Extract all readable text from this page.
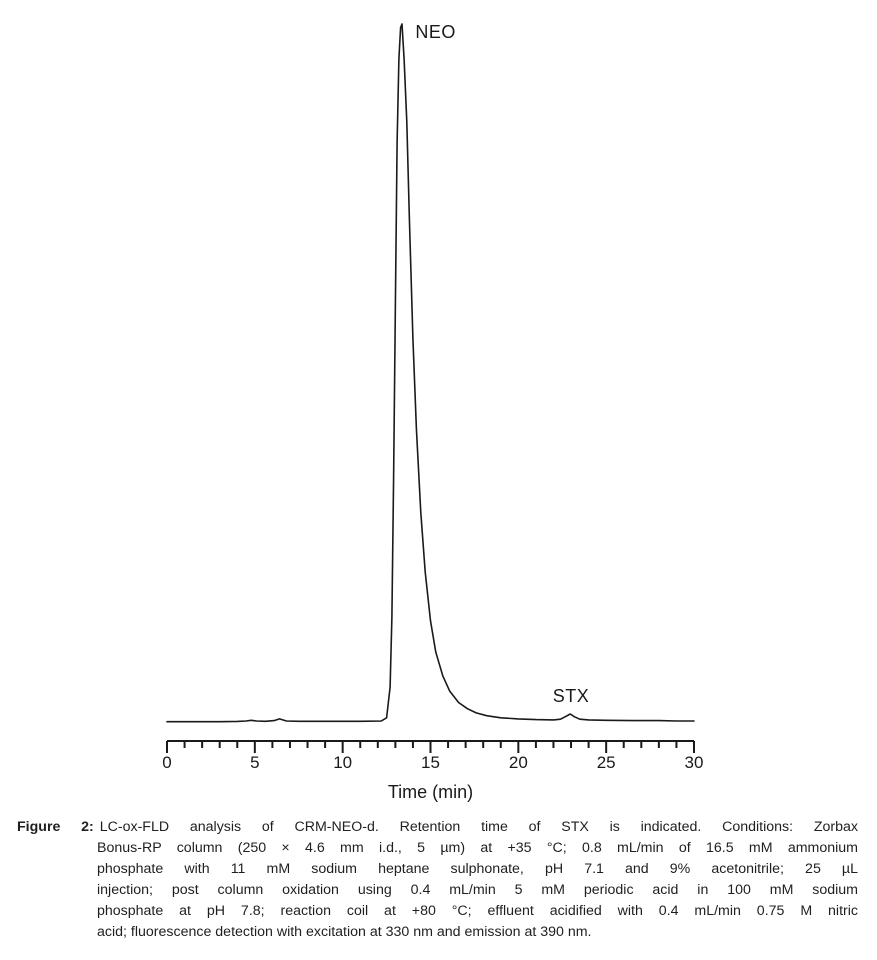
0	5	10	15	20	25	30
Time (min)
NEO
STX
Figure 2: LC-ox-FLD analysis of CRM-NEO-d. Retention time of STX is indicated. Conditions: Zorbax
Bonus-RP column (250 × 4.6 mm i.d., 5 µm) at +35 °C; 0.8 mL/min of 16.5 mM ammonium
phosphate with 11 mM sodium heptane sulphonate, pH 7.1 and 9% acetonitrile; 25 µL
injection; post column oxidation using 0.4 mL/min 5 mM periodic acid in 100 mM sodium
phosphate at pH 7.8; reaction coil at +80 °C; effluent acidified with 0.4 mL/min 0.75 M nitric
acid; fluorescence detection with excitation at 330 nm and emission at 390 nm.
